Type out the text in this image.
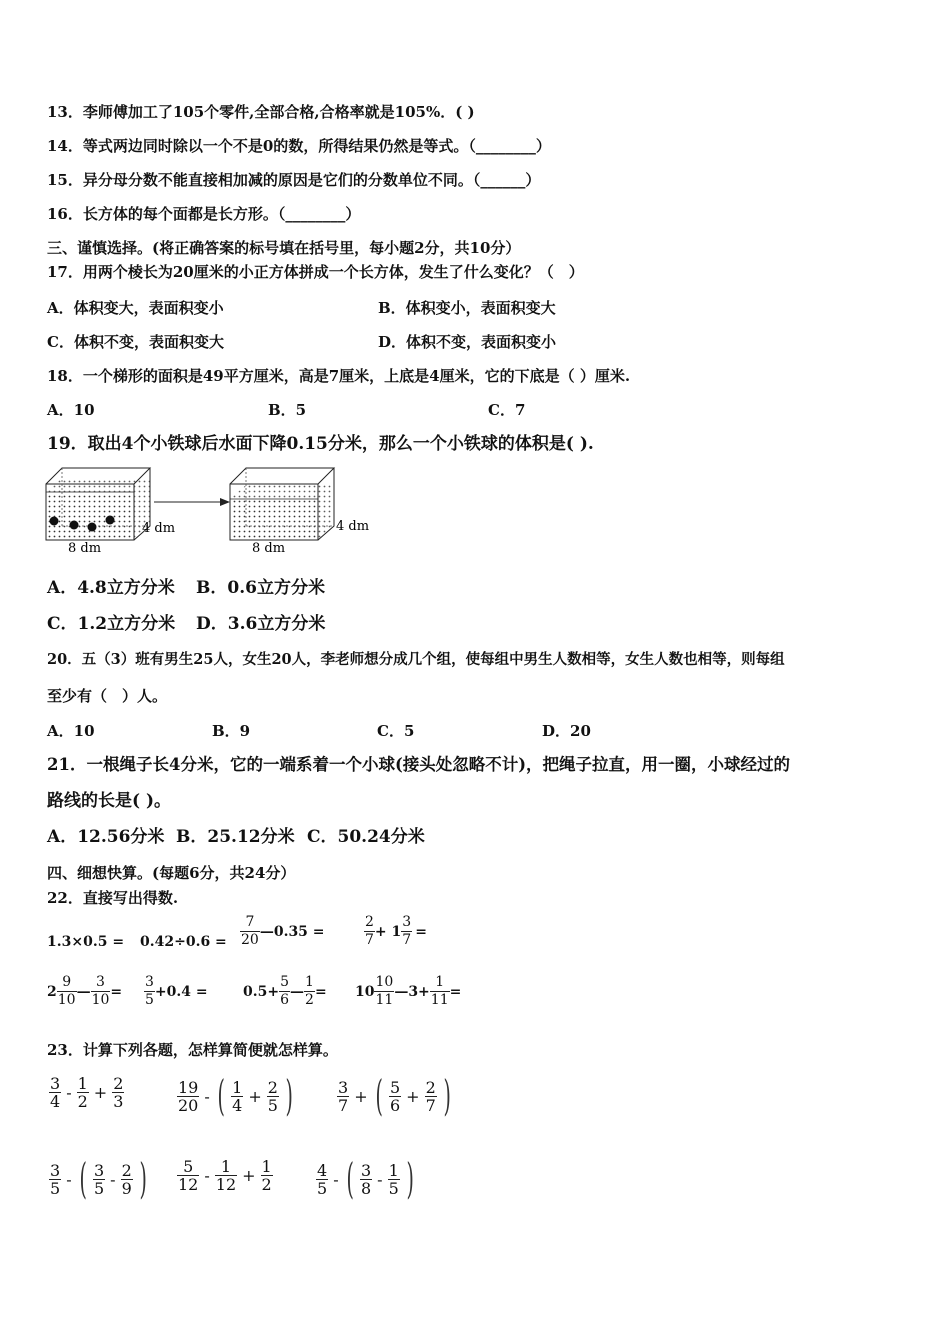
13．李师傅加工了105个零件,全部合格,合格率就是105%．( )
14．等式两边同时除以一个不是0的数，所得结果仍然是等式。（________）
15．异分母分数不能直接相加减的原因是它们的分数单位不同。（______）
16．长方体的每个面都是长方形。（________）
三、谨慎选择。(将正确答案的标号填在括号里，每小题2分，共10分）
17．用两个棱长为20厘米的小正方体拼成一个长方体，发生了什么变化？（　）
A．体积变大，表面积变小	B．体积变小，表面积变大
C．体积不变，表面积变大	D．体积不变，表面积变小
18．一个梯形的面积是49平方厘米，高是7厘米，上底是4厘米，它的下底是（ ）厘米.
A．10	B．5	C．7
19．取出4个小铁球后水面下降0.15分米，那么一个小铁球的体积是( ).
4 dm
8 dm
4 dm
8 dm
A．4.8立方分米 B．0.6立方分米
C．1.2立方分米 D．3.6立方分米
20．五（3）班有男生25人，女生20人，李老师想分成几个组，使每组中男生人数相等，女生人数也相等，则每组
至少有（　）人。
A．10	B．9	C．5	D．20
21．一根绳子长4分米，它的一端系着一个小球(接头处忽略不计)，把绳子拉直，用一圈，小球经过的
路线的长是( )。
A．12.56分米 B．25.12分米 C．50.24分米
四、细想快算。(每题6分，共24分）
22．直接写出得数.
$1.3\times 0.5 = 0.42\div 0.6 = \frac{7}{20}$ —0.35 =	$\frac{2}{7} + 1 \frac{3}{7}$ =
$2 \frac{9}{10}$ — $\frac{3}{10} = \frac{3}{5} +0.4$ =	$0.5+ \frac{5}{6}$ — $\frac{1}{2} = 10 \frac{10}{11}$ —3+ $\frac{1}{11}$ =
23．计算下列各题，怎样算简便就怎样算。
$\frac{3}{4} - \frac{1}{2} + \frac{2}{3}$	$\frac{19}{20}$ - ( $\frac{1}{4} + \frac{2}{5}$ )	$\frac{3}{7}$ + ( $\frac{5}{6} + \frac{2}{7}$ )
$\frac{3}{5}$ - ( $\frac{3}{5} - \frac{2}{9}$ ) $\frac{5}{12} - \frac{1}{12} + \frac{1}{2}$	$\frac{4}{5}$ - ( $\frac{3}{8} - \frac{1}{5}$ )
